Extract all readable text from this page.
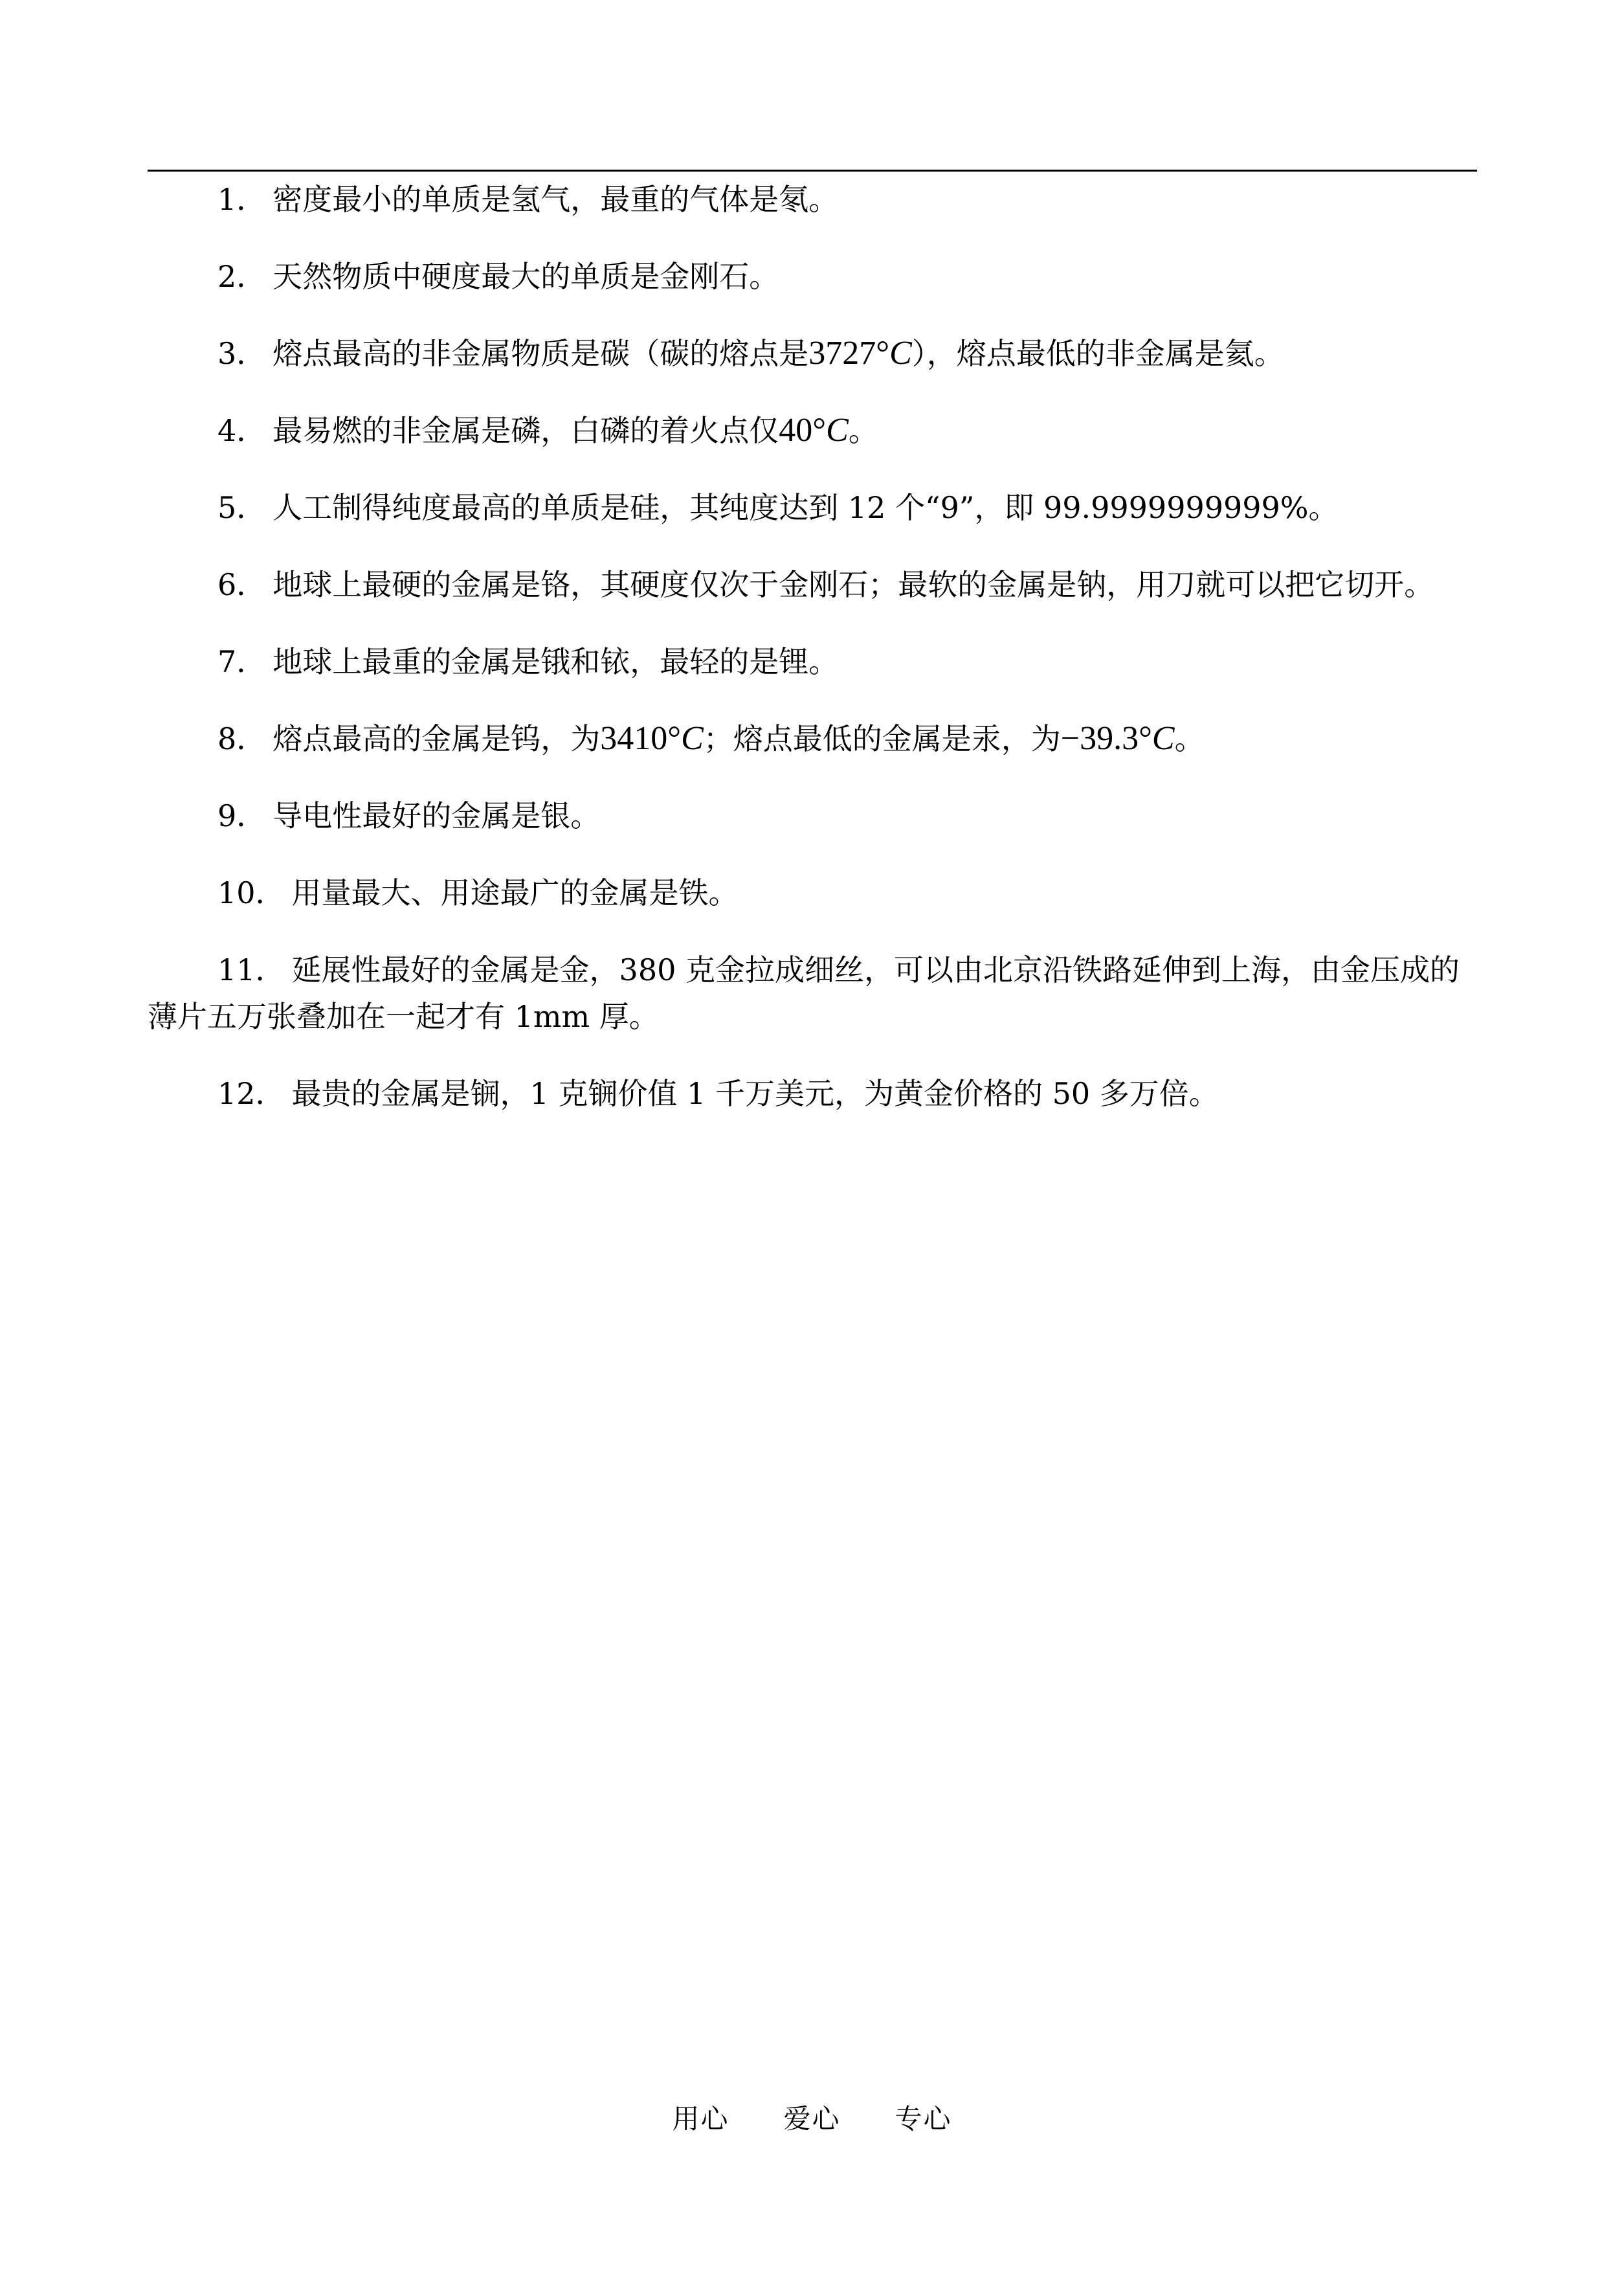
1． 密度最小的单质是氢气，最重的气体是氡。

2． 天然物质中硬度最大的单质是金刚石。

3． 熔点最高的非金属物质是碳（碳的熔点是3727°C），熔点最低的非金属是氦。

4． 最易燃的非金属是磷，白磷的着火点仅40°C。

5． 人工制得纯度最高的单质是硅，其纯度达到 12 个“9”，即 99.9999999999%。

6． 地球上最硬的金属是铬，其硬度仅次于金刚石；最软的金属是钠，用刀就可以把它切开。

7． 地球上最重的金属是锇和铱，最轻的是锂。

8． 熔点最高的金属是钨，为3410°C；熔点最低的金属是汞，为−39.3°C。

9． 导电性最好的金属是银。

10． 用量最大、用途最广的金属是铁。

11． 延展性最好的金属是金，380 克金拉成细丝，可以由北京沿铁路延伸到上海，由金压成的薄片五万张叠加在一起才有 1mm 厚。

12． 最贵的金属是锎，1 克锎价值 1 千万美元，为黄金价格的 50 多万倍。

用心 爱心 专心
